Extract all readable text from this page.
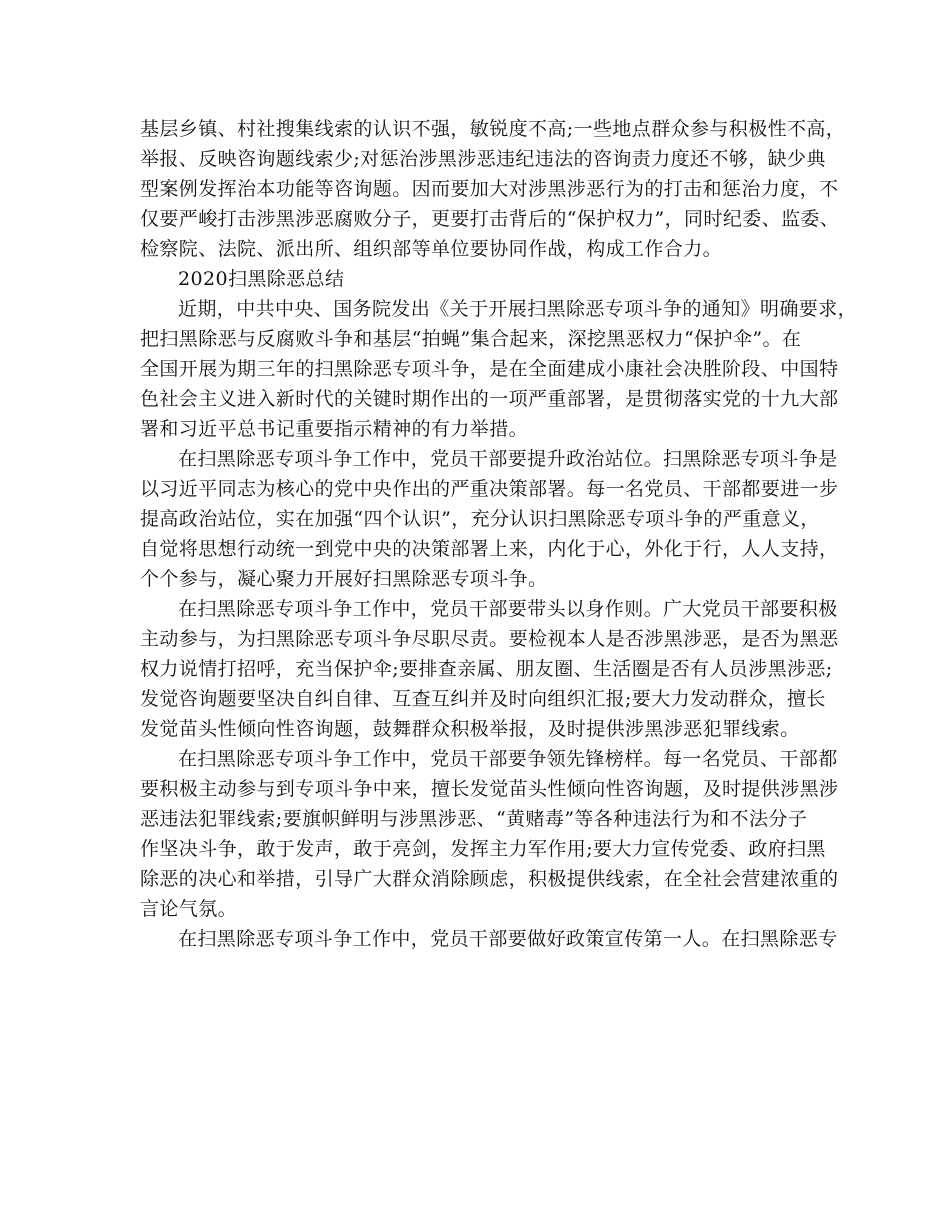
基层乡镇、村社搜集线索的认识不强，敏锐度不高;一些地点群众参与积极性不高，
举报、反映咨询题线索少;对惩治涉黑涉恶违纪违法的咨询责力度还不够，缺少典
型案例发挥治本功能等咨询题。因而要加大对涉黑涉恶行为的打击和惩治力度，不
仅要严峻打击涉黑涉恶腐败分子，更要打击背后的“保护权力”，同时纪委、监委、
检察院、法院、派出所、组织部等单位要协同作战，构成工作合力。
2020扫黑除恶总结
近期，中共中央、国务院发出《关于开展扫黑除恶专项斗争的通知》明确要求，
把扫黑除恶与反腐败斗争和基层“拍蝇”集合起来，深挖黑恶权力“保护伞”。在
全国开展为期三年的扫黑除恶专项斗争，是在全面建成小康社会决胜阶段、中国特
色社会主义进入新时代的关键时期作出的一项严重部署，是贯彻落实党的十九大部
署和习近平总书记重要指示精神的有力举措。
在扫黑除恶专项斗争工作中，党员干部要提升政治站位。扫黑除恶专项斗争是
以习近平同志为核心的党中央作出的严重决策部署。每一名党员、干部都要进一步
提高政治站位，实在加强“四个认识”，充分认识扫黑除恶专项斗争的严重意义，
自觉将思想行动统一到党中央的决策部署上来，内化于心，外化于行，人人支持，
个个参与，凝心聚力开展好扫黑除恶专项斗争。
在扫黑除恶专项斗争工作中，党员干部要带头以身作则。广大党员干部要积极
主动参与，为扫黑除恶专项斗争尽职尽责。要检视本人是否涉黑涉恶，是否为黑恶
权力说情打招呼，充当保护伞;要排查亲属、朋友圈、生活圈是否有人员涉黑涉恶;
发觉咨询题要坚决自纠自律、互查互纠并及时向组织汇报;要大力发动群众，擅长
发觉苗头性倾向性咨询题，鼓舞群众积极举报，及时提供涉黑涉恶犯罪线索。
在扫黑除恶专项斗争工作中，党员干部要争领先锋榜样。每一名党员、干部都
要积极主动参与到专项斗争中来，擅长发觉苗头性倾向性咨询题，及时提供涉黑涉
恶违法犯罪线索;要旗帜鲜明与涉黑涉恶、“黄赌毒”等各种违法行为和不法分子
作坚决斗争，敢于发声，敢于亮剑，发挥主力军作用;要大力宣传党委、政府扫黑
除恶的决心和举措，引导广大群众消除顾虑，积极提供线索，在全社会营建浓重的
言论气氛。
在扫黑除恶专项斗争工作中，党员干部要做好政策宣传第一人。在扫黑除恶专
